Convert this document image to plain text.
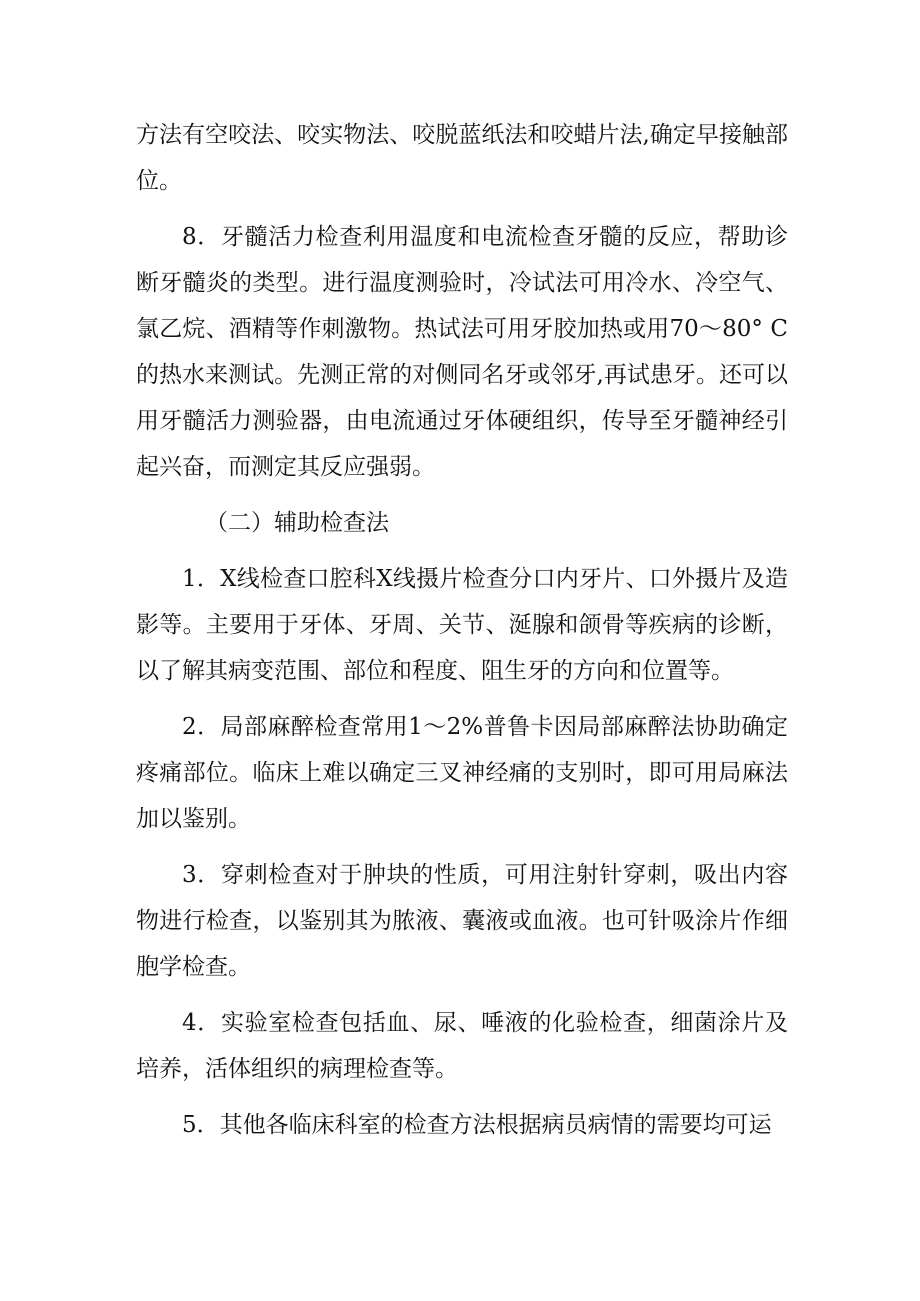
方法有空咬法、咬实物法、咬脱蓝纸法和咬蜡片法,确定早接触部位。

8．牙髓活力检查利用温度和电流检查牙髓的反应，帮助诊断牙髓炎的类型。进行温度测验时，冷试法可用冷水、冷空气、氯乙烷、酒精等作刺激物。热试法可用牙胶加热或用70～80° C的热水来测试。先测正常的对侧同名牙或邻牙,再试患牙。还可以用牙髓活力测验器，由电流通过牙体硬组织，传导至牙髓神经引起兴奋，而测定其反应强弱。

（二）辅助检查法

1．X线检查口腔科X线摄片检查分口内牙片、口外摄片及造影等。主要用于牙体、牙周、关节、涎腺和颌骨等疾病的诊断，以了解其病变范围、部位和程度、阻生牙的方向和位置等。

2．局部麻醉检查常用1～2%普鲁卡因局部麻醉法协助确定疼痛部位。临床上难以确定三叉神经痛的支别时，即可用局麻法加以鉴别。

3．穿刺检查对于肿块的性质，可用注射针穿刺，吸出内容物进行检查，以鉴别其为脓液、囊液或血液。也可针吸涂片作细胞学检查。

4．实验室检查包括血、尿、唾液的化验检查，细菌涂片及培养，活体组织的病理检查等。

5．其他各临床科室的检查方法根据病员病情的需要均可运
